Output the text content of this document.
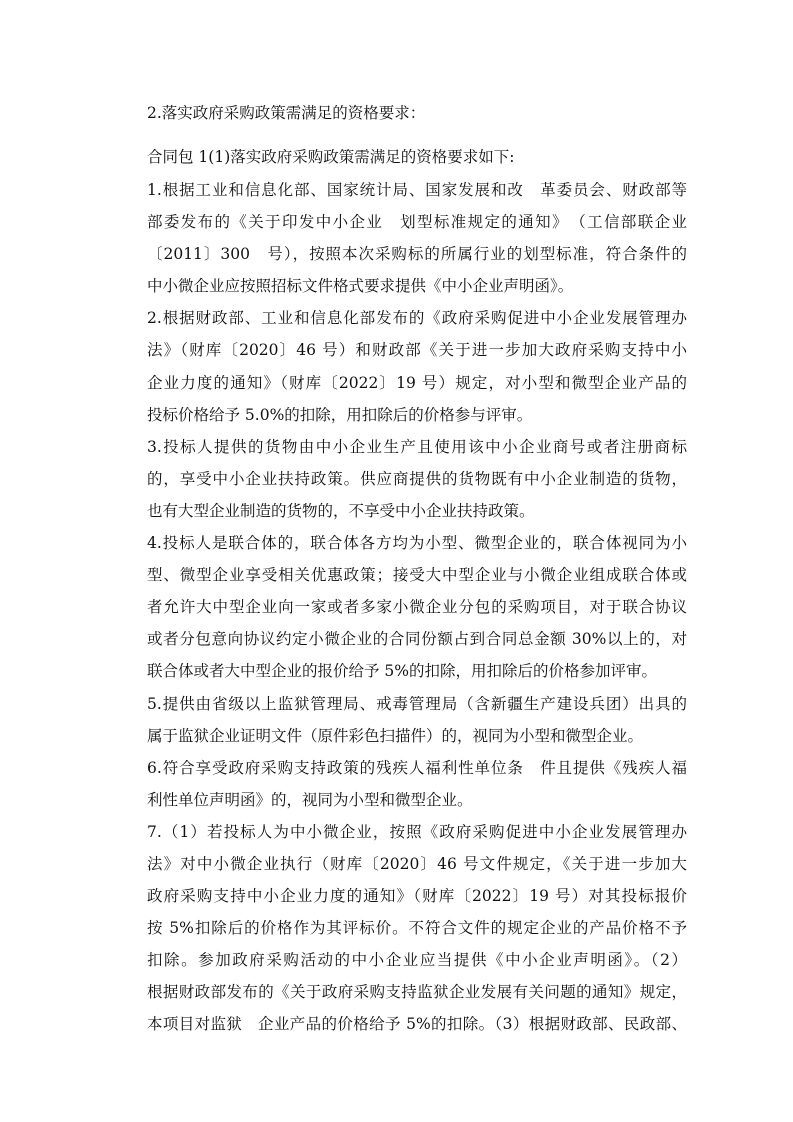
2.落实政府采购政策需满足的资格要求：

合同包 1(1)落实政府采购政策需满足的资格要求如下:

1.根据工业和信息化部、国家统计局、国家发展和改　革委员会、财政部等

部委发布的《关于印发中小企业　划型标准规定的通知》　（工信部联企业

〔2011〕300　号），按照本次采购标的所属行业的划型标准，符合条件的

中小微企业应按照招标文件格式要求提供《中小企业声明函》。

2.根据财政部、工业和信息化部发布的《政府采购促进中小企业发展管理办

法》（财库〔2020〕46 号）和财政部《关于进一步加大政府采购支持中小

企业力度的通知》（财库〔2022〕19 号）规定，对小型和微型企业产品的

投标价格给予 5.0%的扣除，用扣除后的价格参与评审。

3.投标人提供的货物由中小企业生产且使用该中小企业商号或者注册商标

的，享受中小企业扶持政策。供应商提供的货物既有中小企业制造的货物，

也有大型企业制造的货物的，不享受中小企业扶持政策。

4.投标人是联合体的，联合体各方均为小型、微型企业的，联合体视同为小

型、微型企业享受相关优惠政策；接受大中型企业与小微企业组成联合体或

者允许大中型企业向一家或者多家小微企业分包的采购项目，对于联合协议

或者分包意向协议约定小微企业的合同份额占到合同总金额 30%以上的，对

联合体或者大中型企业的报价给予 5%的扣除，用扣除后的价格参加评审。

5.提供由省级以上监狱管理局、戒毒管理局（含新疆生产建设兵团）出具的

属于监狱企业证明文件（原件彩色扫描件）的，视同为小型和微型企业。

6.符合享受政府采购支持政策的残疾人福利性单位条　件且提供《残疾人福

利性单位声明函》的，视同为小型和微型企业。

7.（1）若投标人为中小微企业，按照《政府采购促进中小企业发展管理办

法》对中小微企业执行（财库〔2020〕46 号文件规定，《关于进一步加大

政府采购支持中小企业力度的通知》（财库〔2022〕19 号）对其投标报价

按 5%扣除后的价格作为其评标价。不符合文件的规定企业的产品价格不予

扣除。参加政府采购活动的中小企业应当提供《中小企业声明函》。（2）

根据财政部发布的《关于政府采购支持监狱企业发展有关问题的通知》规定，

本项目对监狱　企业产品的价格给予 5%的扣除。（3）根据财政部、民政部、
